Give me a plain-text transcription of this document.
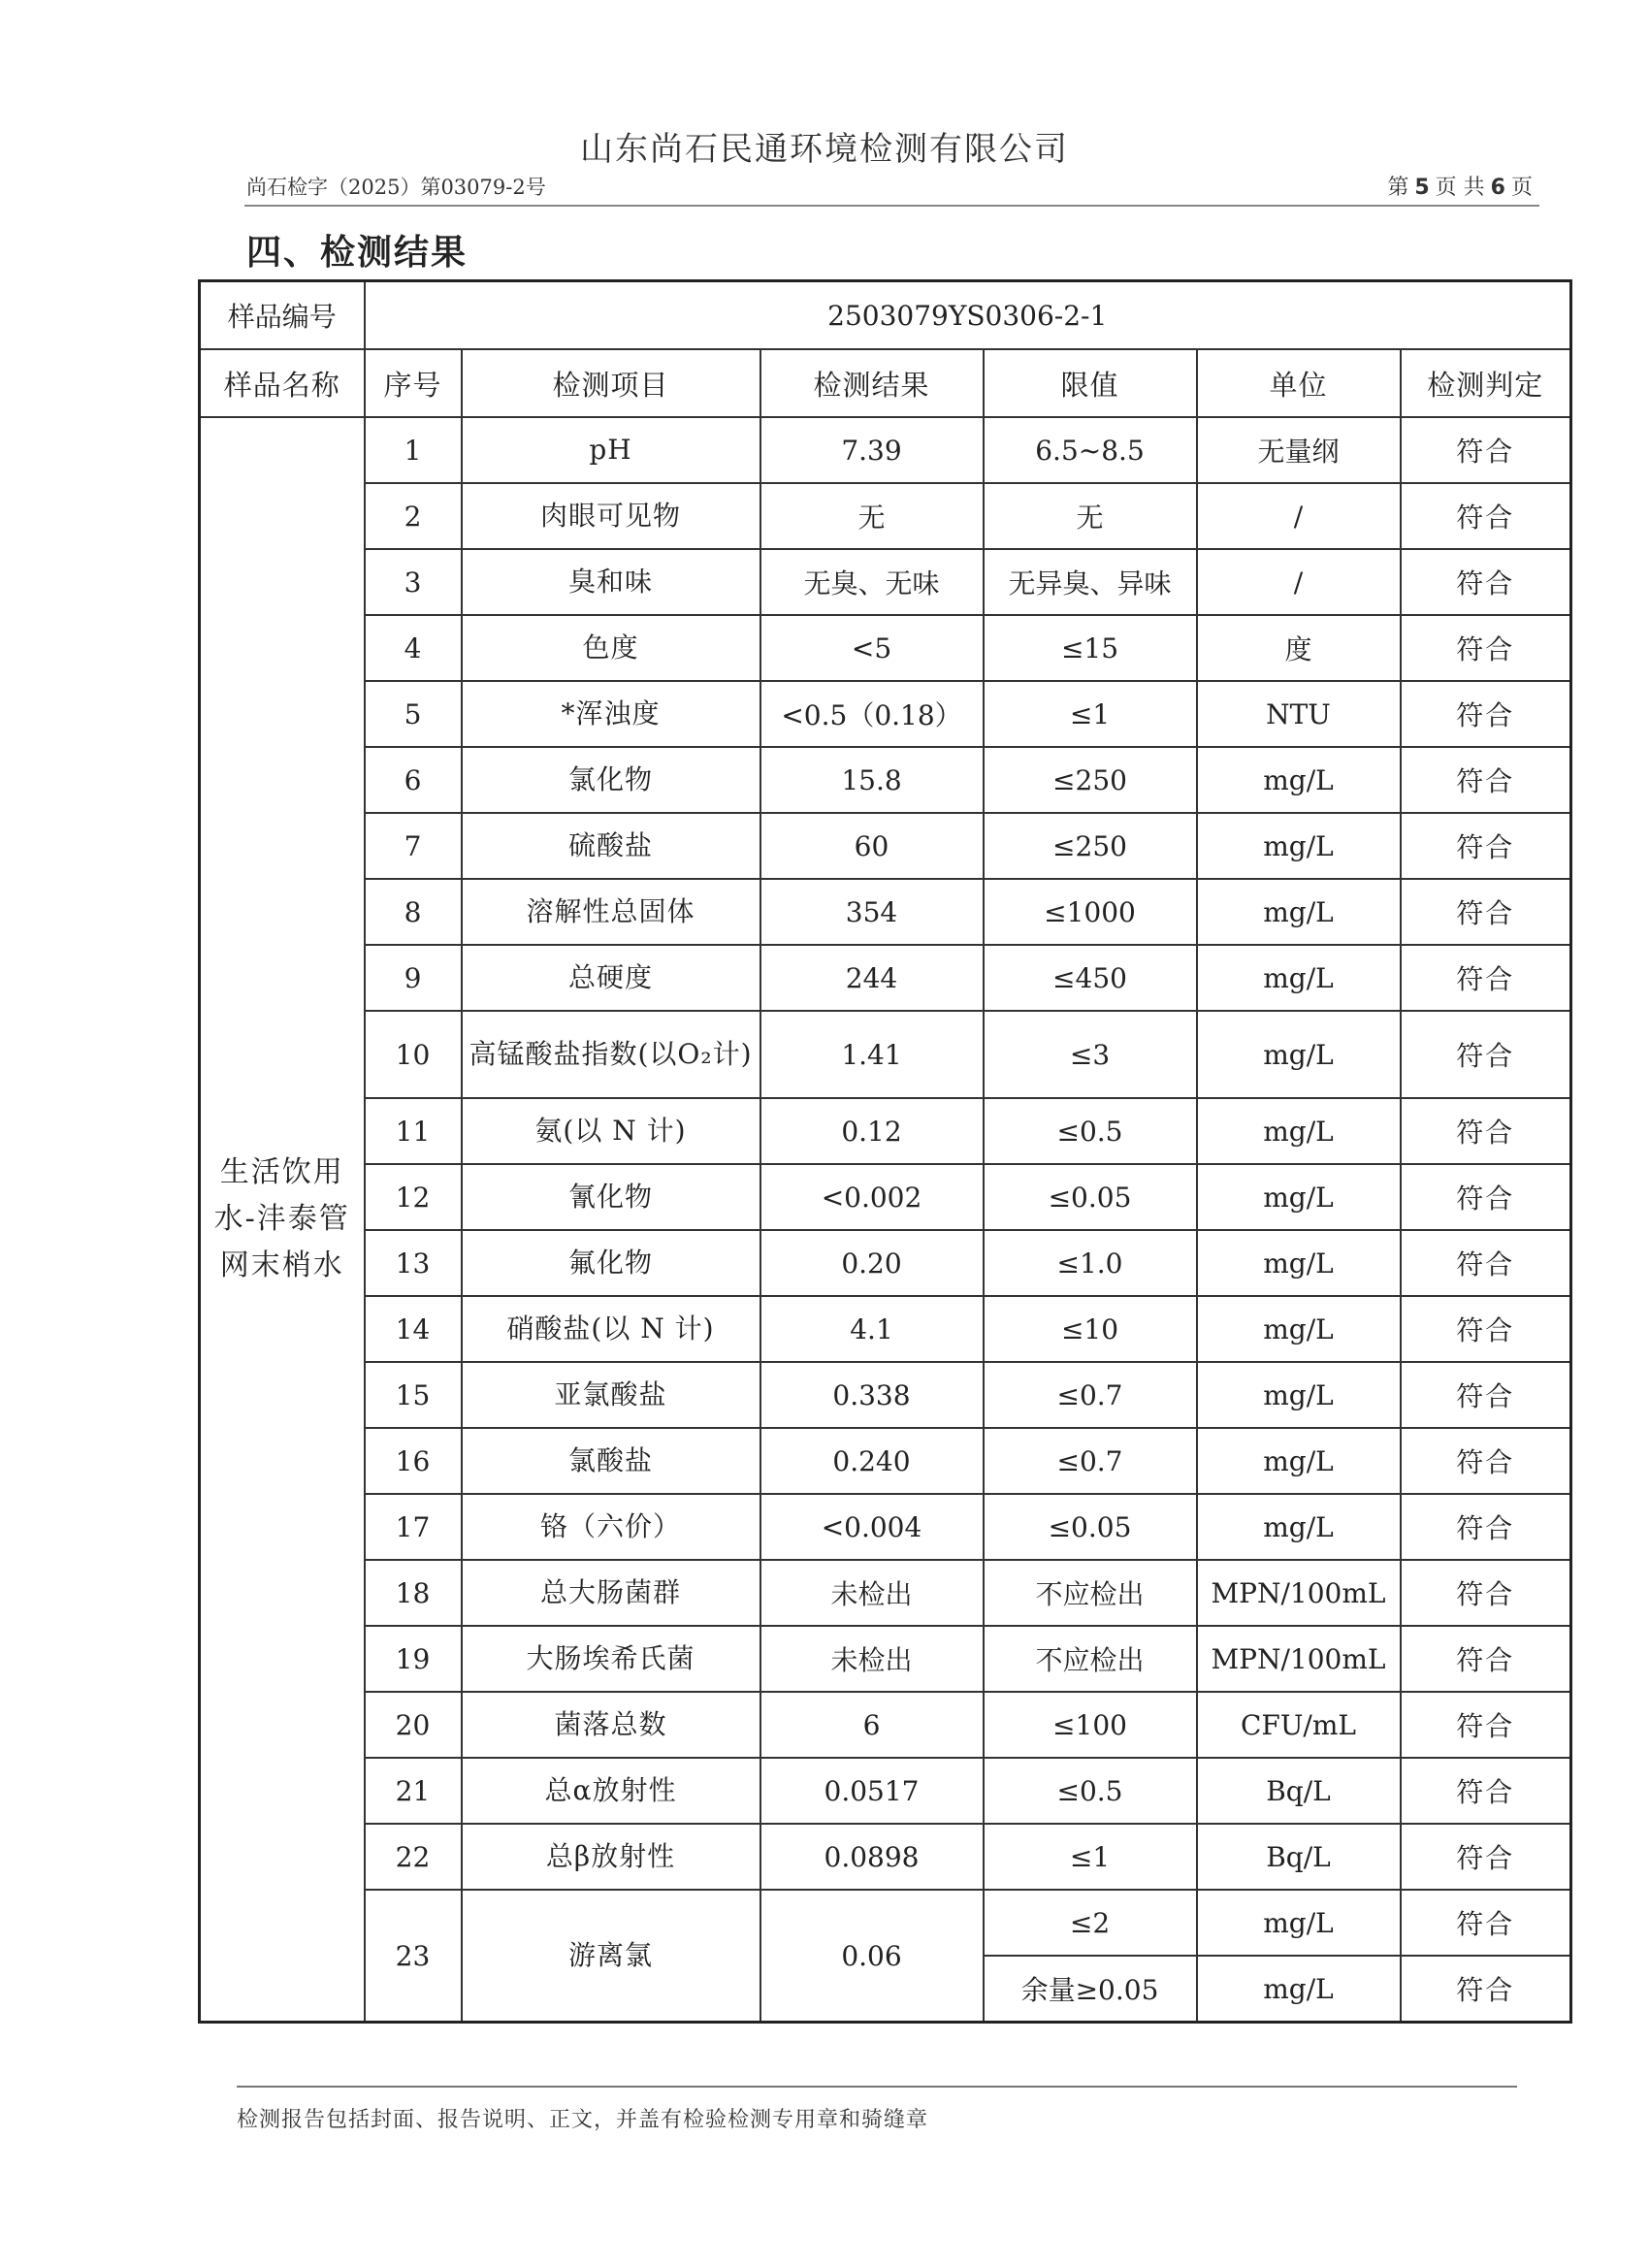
山东尚石民通环境检测有限公司
尚石检字（2025）第03079-2号	第 5 页 共 6 页
四、检测结果
样品编号	2503079YS0306-2-1					
样品名称	序号	检测项目	检测结果	限值	单位	检测判定
生活饮用水-沣泰管网末梢水	1	pH	7.39	6.5~8.5	无量纲	符合
	2	肉眼可见物	无	无	/	符合
	3	臭和味	无臭、无味	无异臭、异味	/	符合
	4	色度	<5	≤15	度	符合
	5	*浑浊度	<0.5（0.18）	≤1	NTU	符合
	6	氯化物	15.8	≤250	mg/L	符合
	7	硫酸盐	60	≤250	mg/L	符合
	8	溶解性总固体	354	≤1000	mg/L	符合
	9	总硬度	244	≤450	mg/L	符合
	10	高锰酸盐指数(以O₂计)	1.41	≤3	mg/L	符合
	11	氨(以 N 计)	0.12	≤0.5	mg/L	符合
	12	氰化物	<0.002	≤0.05	mg/L	符合
	13	氟化物	0.20	≤1.0	mg/L	符合
	14	硝酸盐(以 N 计)	4.1	≤10	mg/L	符合
	15	亚氯酸盐	0.338	≤0.7	mg/L	符合
	16	氯酸盐	0.240	≤0.7	mg/L	符合
	17	铬（六价）	<0.004	≤0.05	mg/L	符合
	18	总大肠菌群	未检出	不应检出	MPN/100mL	符合
	19	大肠埃希氏菌	未检出	不应检出	MPN/100mL	符合
	20	菌落总数	6	≤100	CFU/mL	符合
	21	总α放射性	0.0517	≤0.5	Bq/L	符合
	22	总β放射性	0.0898	≤1	Bq/L	符合
	23	游离氯	0.06	≤2	mg/L	符合
				余量≥0.05	mg/L	符合
检测报告包括封面、报告说明、正文，并盖有检验检测专用章和骑缝章
